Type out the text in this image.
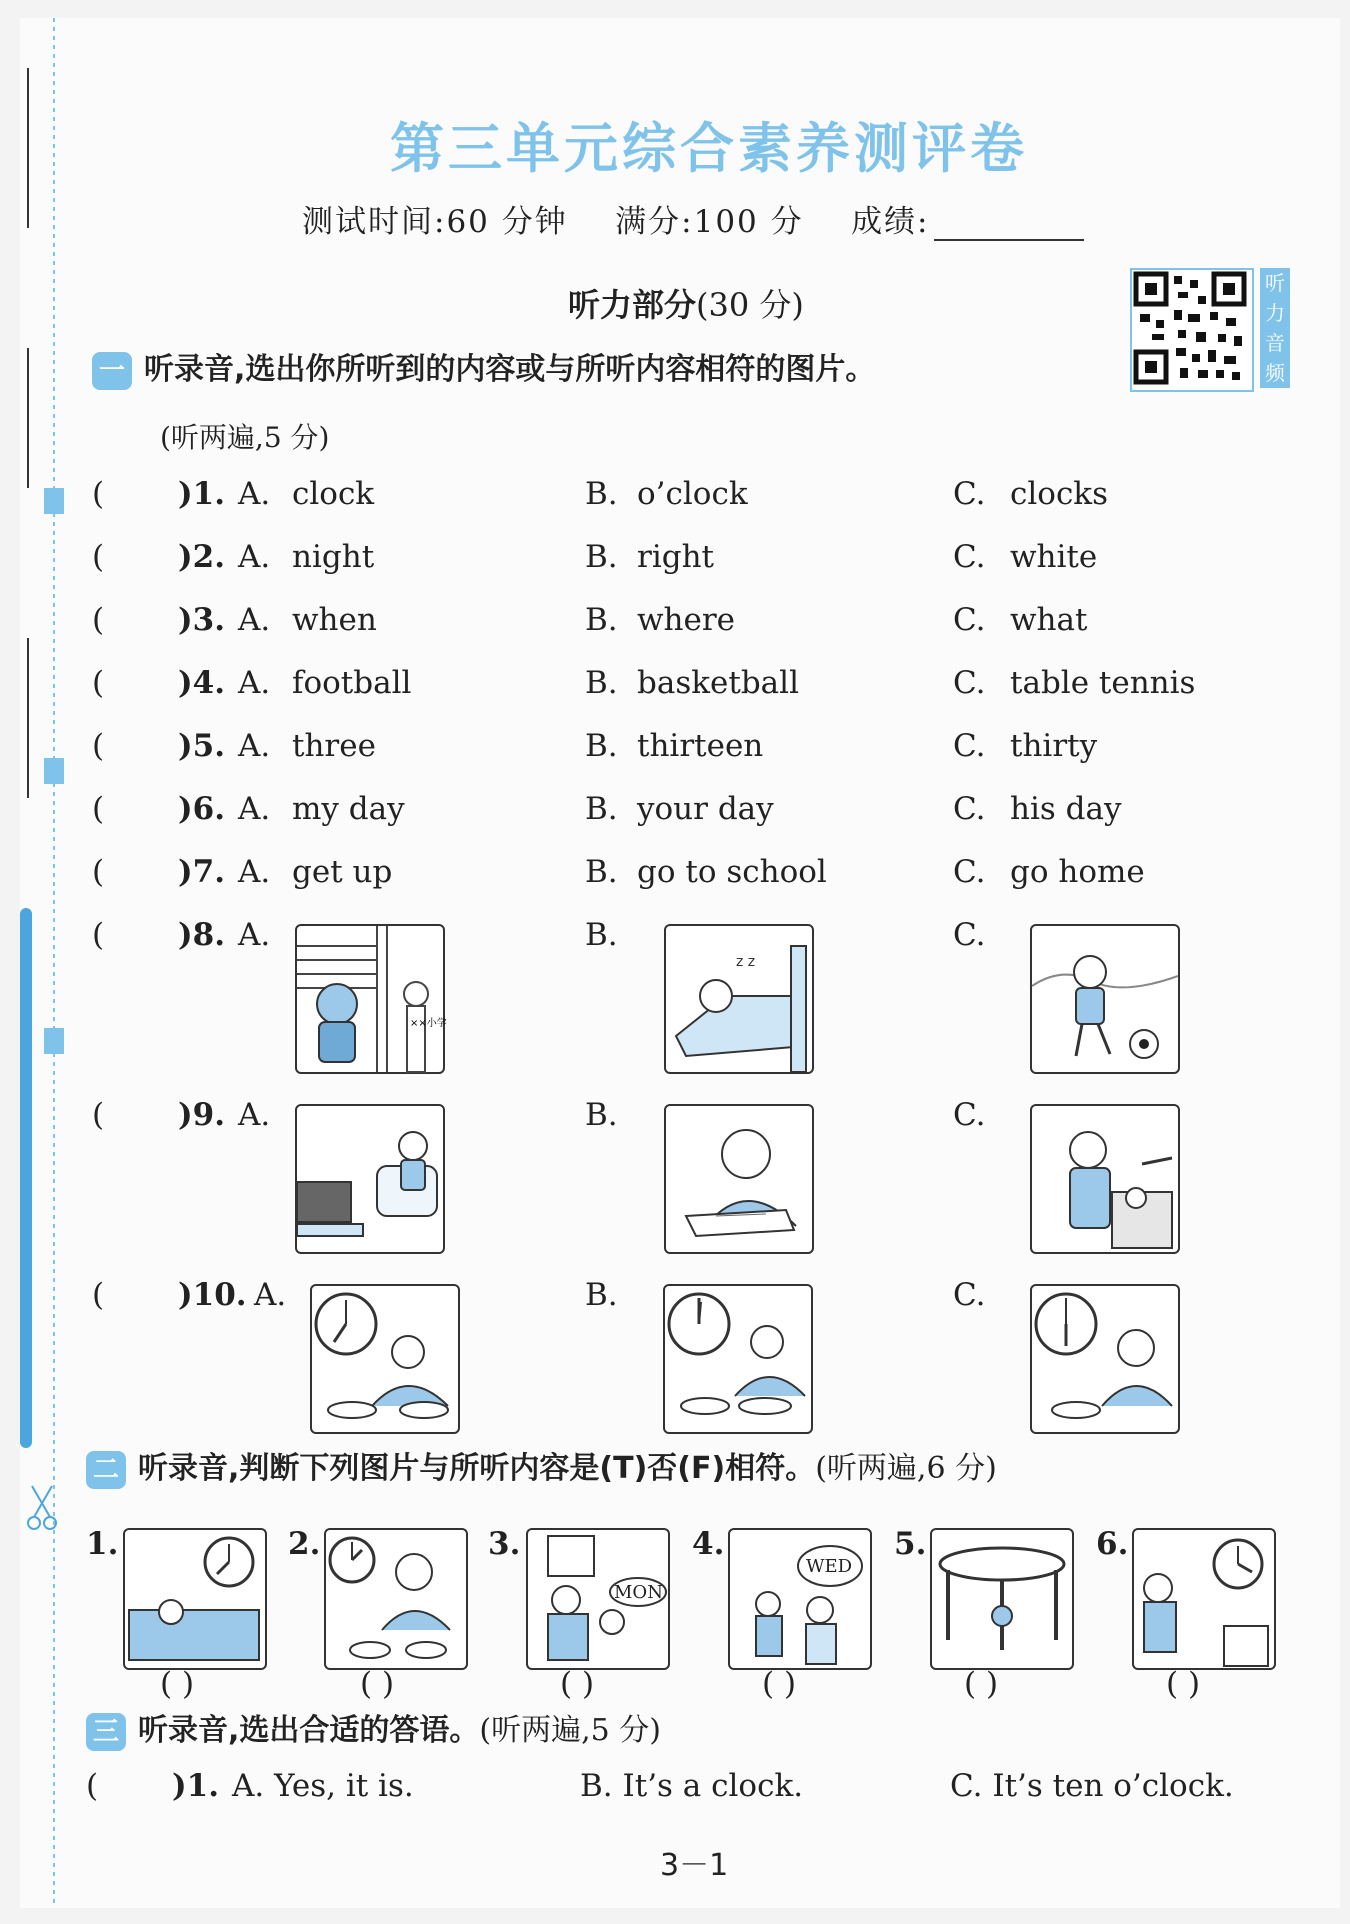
第三单元综合素养测评卷
测试时间:60 分钟 满分:100 分 成绩:
听力部分(30 分)
听力音频
一 听录音,选出你所听到的内容或与所听内容相符的图片。
(听两遍,5 分)
( )1. A. clock	B. o’clock	C. clocks
( )2. A. night	B. right	C. white
( )3. A. when	B. where	C. what
( )4. A. football	B. basketball	C. table tennis
( )5. A. three	B. thirteen	C. thirty
( )6. A. my day	B. your day	C. his day
( )7. A. get up	B. go to school	C. go home
( )8. A.	B.	C.
××小学
z z
( )9. A.	B.	C.
( )10. A.	B.	C.
二 听录音,判断下列图片与所听内容是(T)否(F)相符。(听两遍,6 分)
1.
( )
2.
( )
3.
MON
( )
4.
WED
( )
5.
( )
6.
( )
三 听录音,选出合适的答语。(听两遍,5 分)
( )1. A. Yes, it is.	B. It’s a clock.	C. It’s ten o’clock.
3－1
